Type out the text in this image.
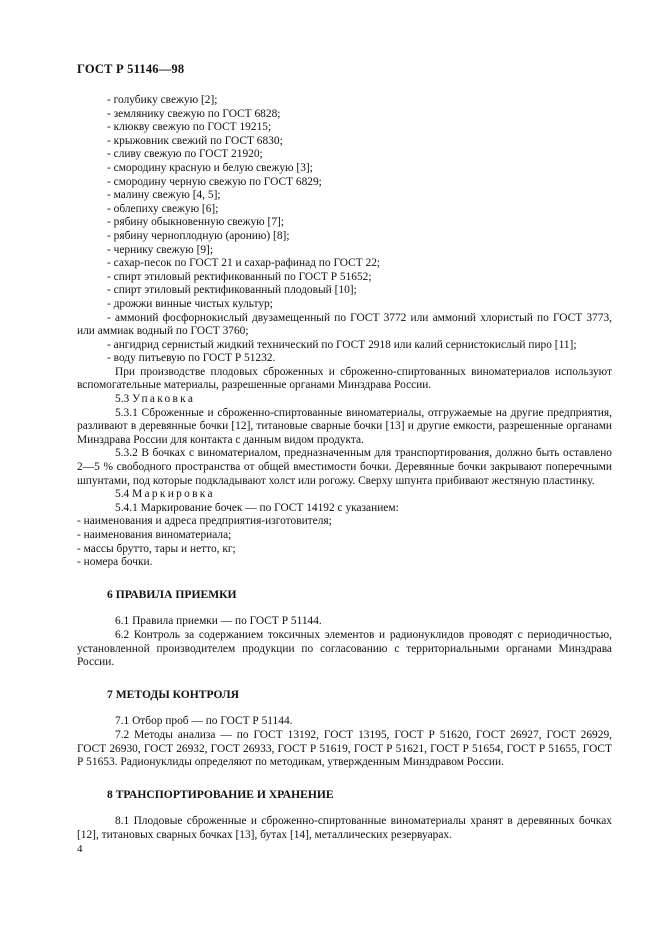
ГОСТ Р 51146—98

- голубику свежую [2];

- землянику свежую по ГОСТ 6828;

- клюкву свежую по ГОСТ 19215;

- крыжовник свежий по ГОСТ 6830;

- сливу свежую по ГОСТ 21920;

- смородину красную и белую свежую [3];

- смородину черную свежую по ГОСТ 6829;

- малину свежую [4, 5];

- облепиху свежую [6];

- рябину обыкновенную свежую [7];

- рябину черноплодную (аронию) [8];

- чернику свежую [9];

- сахар-песок по ГОСТ 21 и сахар-рафинад по ГОСТ 22;

- спирт этиловый ректификованный по ГОСТ Р 51652;

- спирт этиловый ректификованный плодовый [10];

- дрожжи винные чистых культур;

- аммоний фосфорнокислый двузамещенный по ГОСТ 3772 или аммоний хлористый по ГОСТ 3773, или аммиак водный по ГОСТ 3760;

- ангидрид сернистый жидкий технический по ГОСТ 2918 или калий сернистокислый пиро [11];

- воду питьевую по ГОСТ Р 51232.

При производстве плодовых сброженных и сброженно-спиртованных виноматериалов используют вспомогательные материалы, разрешенные органами Минздрава России.

5.3 Упаковка

5.3.1 Сброженные и сброженно-спиртованные виноматериалы, отгружаемые на другие предприятия, разливают в деревянные бочки [12], титановые сварные бочки [13] и другие емкости, разрешенные органами Минздрава России для контакта с данным видом продукта.

5.3.2 В бочках с виноматериалом, предназначенным для транспортирования, должно быть оставлено 2—5 % свободного пространства от общей вместимости бочки. Деревянные бочки закрывают поперечными шпунтами, под которые подкладывают холст или рогожу. Сверху шпунта прибивают жестяную пластинку.

5.4 Маркировка

5.4.1 Маркирование бочек — по ГОСТ 14192 с указанием:

- наименования и адреса предприятия-изготовителя;

- наименования виноматериала;

- массы брутто, тары и нетто, кг;

- номера бочки.

6 ПРАВИЛА ПРИЕМКИ

6.1 Правила приемки — по ГОСТ Р 51144.

6.2 Контроль за содержанием токсичных элементов и радионуклидов проводят с периодичностью, установленной производителем продукции по согласованию с территориальными органами Минздрава России.

7 МЕТОДЫ КОНТРОЛЯ

7.1 Отбор проб — по ГОСТ Р 51144.

7.2 Методы анализа — по ГОСТ 13192, ГОСТ 13195, ГОСТ Р 51620, ГОСТ 26927, ГОСТ 26929, ГОСТ 26930, ГОСТ 26932, ГОСТ 26933, ГОСТ Р 51619, ГОСТ Р 51621, ГОСТ Р 51654, ГОСТ Р 51655, ГОСТ Р 51653. Радионуклиды определяют по методикам, утвержденным Минздравом России.

8 ТРАНСПОРТИРОВАНИЕ И ХРАНЕНИЕ

8.1 Плодовые сброженные и сброженно-спиртованные виноматериалы хранят в деревянных бочках [12], титановых сварных бочках [13], бутах [14], металлических резервуарах.

4
